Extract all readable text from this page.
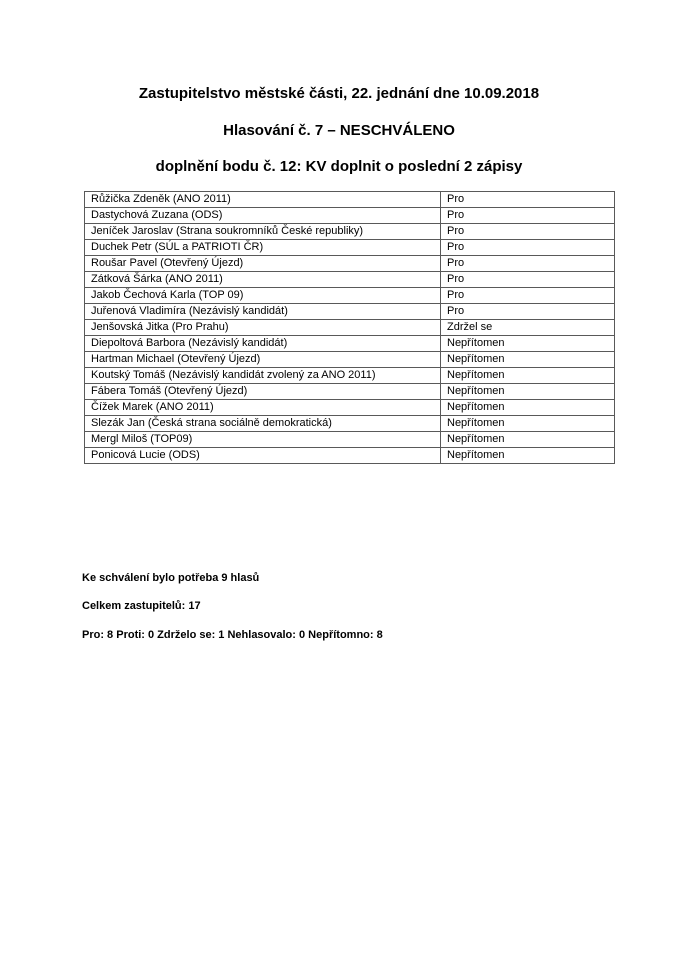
Zastupitelstvo městské části, 22. jednání dne 10.09.2018
Hlasování č. 7 – NESCHVÁLENO
doplnění bodu č. 12: KV doplnit o poslední 2 zápisy
Růžička Zdeněk (ANO 2011)	Pro
Dastychová Zuzana (ODS)	Pro
Jeníček Jaroslav (Strana soukromníků České republiky)	Pro
Duchek Petr (SÚL a PATRIOTI ČR)	Pro
Roušar Pavel (Otevřený Újezd)	Pro
Zátková Šárka (ANO 2011)	Pro
Jakob Čechová Karla (TOP 09)	Pro
Juřenová Vladimíra (Nezávislý kandidát)	Pro
Jenšovská Jitka (Pro Prahu)	Zdržel se
Diepoltová Barbora (Nezávislý kandidát)	Nepřítomen
Hartman Michael (Otevřený Újezd)	Nepřítomen
Koutský Tomáš (Nezávislý kandidát zvolený za ANO 2011)	Nepřítomen
Fábera Tomáš (Otevřený Újezd)	Nepřítomen
Čížek Marek (ANO 2011)	Nepřítomen
Slezák Jan (Česká strana sociálně demokratická)	Nepřítomen
Mergl Miloš (TOP09)	Nepřítomen
Ponicová Lucie (ODS)	Nepřítomen
Ke schválení bylo potřeba 9 hlasů
Celkem zastupitelů: 17
Pro: 8 Proti: 0 Zdrželo se: 1 Nehlasovalo: 0 Nepřítomno: 8
